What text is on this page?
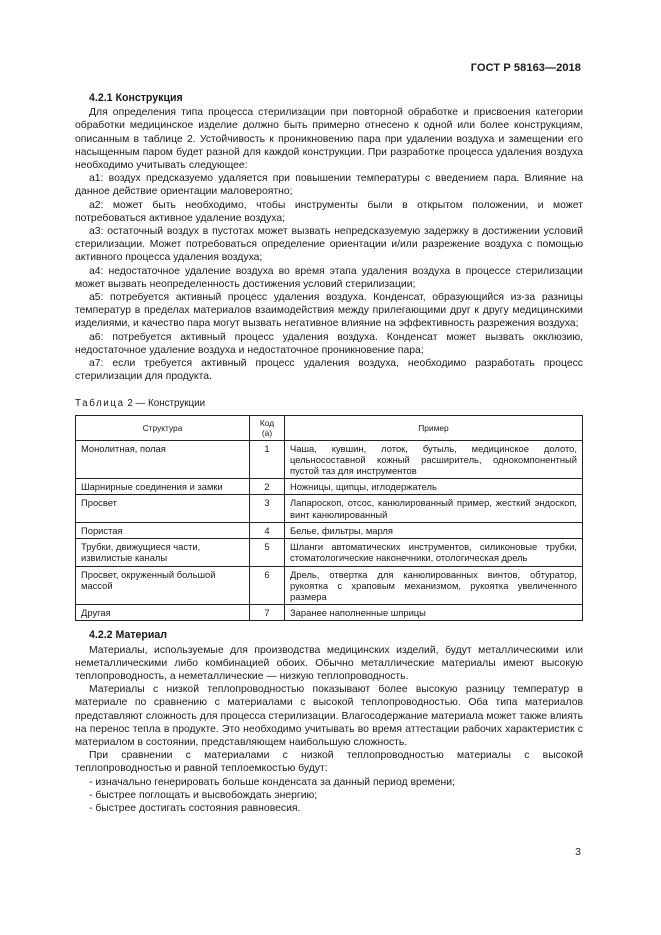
ГОСТ Р 58163—2018
4.2.1 Конструкция

Для определения типа процесса стерилизации при повторной обработке и присвоения категории обработки медицинское изделие должно быть примерно отнесено к одной или более конструкциям, описанным в таблице 2. Устойчивость к проникновению пара при удалении воздуха и замещении его насыщенным паром будет разной для каждой конструкции. При разработке процесса удаления воздуха необходимо учитывать следующее:

а1: воздух предсказуемо удаляется при повышении температуры с введением пара. Влияние на данное действие ориентации маловероятно;

а2: может быть необходимо, чтобы инструменты были в открытом положении, и может потребоваться активное удаление воздуха;

а3: остаточный воздух в пустотах может вызвать непредсказуемую задержку в достижении условий стерилизации. Может потребоваться определение ориентации и/или разрежение воздуха с помощью активного процесса удаления воздуха;

а4: недостаточное удаление воздуха во время этапа удаления воздуха в процессе стерилизации может вызвать неопределенность достижения условий стерилизации;

а5: потребуется активный процесс удаления воздуха. Конденсат, образующийся из-за разницы температур в пределах материалов взаимодействия между прилегающими друг к другу медицинскими изделиями, и качество пара могут вызвать негативное влияние на эффективность разрежения воздуха;

а6: потребуется активный процесс удаления воздуха. Конденсат может вызвать окклюзию, недостаточное удаление воздуха и недостаточное проникновение пара;

а7: если требуется активный процесс удаления воздуха, необходимо разработать процесс стерилизации для продукта.

Таблица 2 — Конструкции
Структура	Код (а)	Пример
Монолитная, полая	1	Чаша, кувшин, лоток, бутыль, медицинское долото, цельносоставной кожный расширитель, однокомпонентный пустой таз для инструментов
Шарнирные соединения и замки	2	Ножницы, щипцы, иглодержатель
Просвет	3	Лапароскоп, отсос, канюлированный пример, жесткий эндоскоп, винт канюлированный
Пористая	4	Белье, фильтры, марля
Трубки, движущиеся части, извилистые каналы	5	Шланги автоматических инструментов, силиконовые трубки, стоматологические наконечники, отологическая дрель
Просвет, окруженный большой массой	6	Дрель, отвертка для канюлированных винтов, обтуратор, рукоятка с храповым механизмом, рукоятка увеличенного размера
Другая	7	Заранее наполненные шприцы
4.2.2 Материал

Материалы, используемые для производства медицинских изделий, будут металлическими или неметаллическими либо комбинацией обоих. Обычно металлические материалы имеют высокую теплопроводность, а неметаллические — низкую теплопроводность.

Материалы с низкой теплопроводностью показывают более высокую разницу температур в материале по сравнению с материалами с высокой теплопроводностью. Оба типа материалов представляют сложность для процесса стерилизации. Влагосодержание материала может также влиять на перенос тепла в продукте. Это необходимо учитывать во время аттестации рабочих характеристик с материалом в состоянии, представляющем наибольшую сложность.

При сравнении с материалами с низкой теплопроводностью материалы с высокой теплопроводностью и равной теплоемкостью будут:

- изначально генерировать больше конденсата за данный период времени;

- быстрее поглощать и высвобождать энергию;

- быстрее достигать состояния равновесия.

3
